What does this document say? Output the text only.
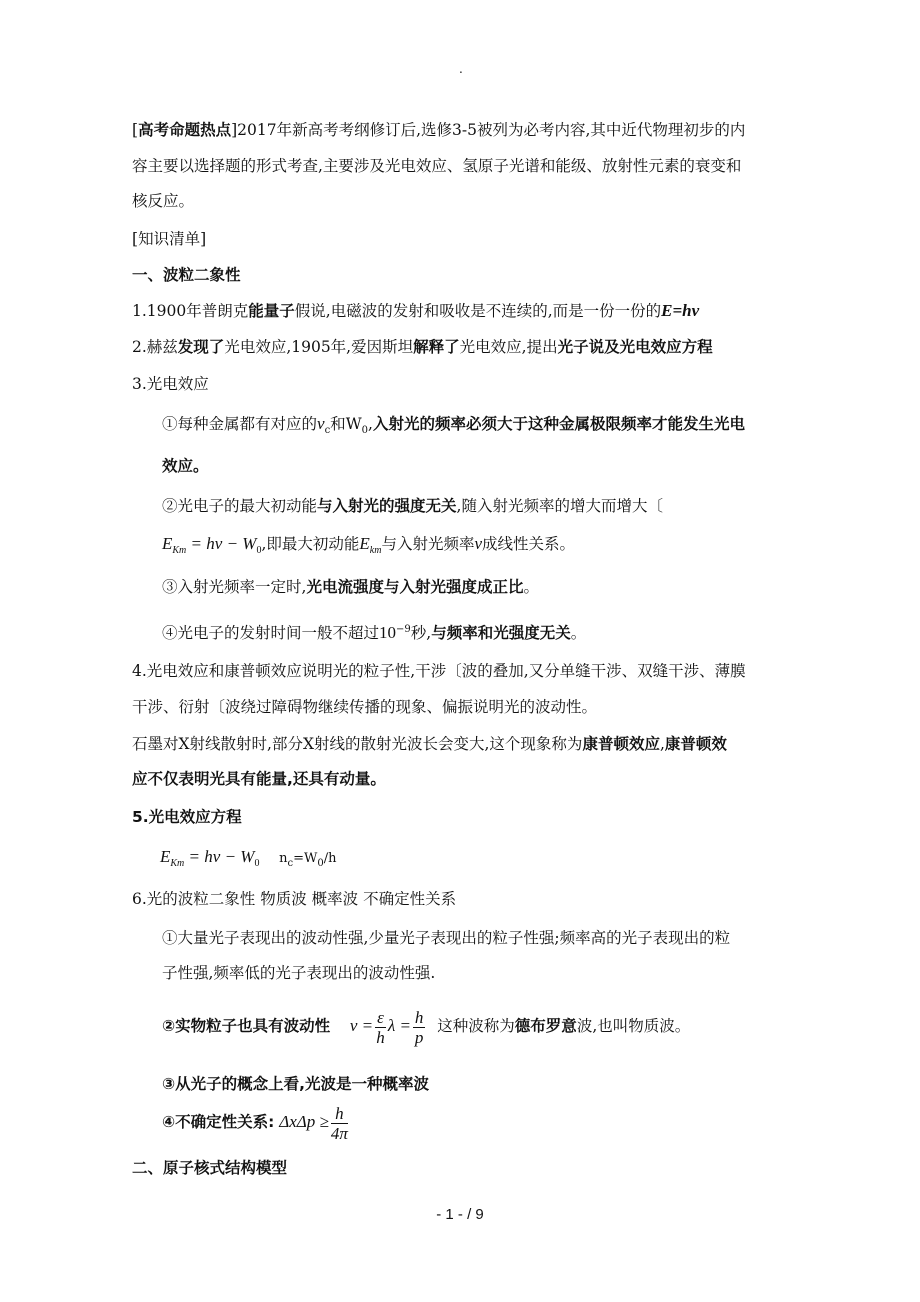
.
[高考命题热点]2017年新高考考纲修订后,选修3-5被列为必考内容,其中近代物理初步的内
容主要以选择题的形式考查,主要涉及光电效应、氢原子光谱和能级、放射性元素的衰变和
核反应。
[知识清单]
一、波粒二象性
1.1900年普朗克能量子假说,电磁波的发射和吸收是不连续的,而是一份一份的E=hν
2.赫兹发现了光电效应,1905年,爱因斯坦解释了光电效应,提出光子说及光电效应方程
3.光电效应
①每种金属都有对应的$\nu_c$和$W_0$,入射光的频率必须大于这种金属极限频率才能发生光电
效应。
②光电子的最大初动能与入射光的强度无关,随入射光频率的增大而增大〔
$E_{Km} = h\nu - W_0$,即最大初动能$E_{km}$与入射光频率ν成线性关系。
③入射光频率一定时,光电流强度与入射光强度成正比。
④光电子的发射时间一般不超过$10^{-9}$秒,与频率和光强度无关。
4.光电效应和康普顿效应说明光的粒子性,干涉〔波的叠加,又分单缝干涉、双缝干涉、薄膜
干涉、衍射〔波绕过障碍物继续传播的现象、偏振说明光的波动性。
石墨对X射线散射时,部分X射线的散射光波长会变大,这个现象称为康普顿效应,康普顿效
应不仅表明光具有能量,还具有动量。
5.光电效应方程
$E_{Km} = h\nu - W_0$ $n_c=W_0/h$
6.光的波粒二象性 物质波 概率波 不确定性关系
①大量光子表现出的波动性强,少量光子表现出的粒子性强;频率高的光子表现出的粒
子性强,频率低的光子表现出的波动性强.
②实物粒子也具有波动性 $\nu = \frac{\varepsilon}{h}$ $\lambda = \frac{h}{p}$ 这种波称为德布罗意波,也叫物质波。
③从光子的概念上看,光波是一种概率波
④不确定性关系: $\Delta x\Delta p \ge \frac{h}{4\pi}$
二、原子核式结构模型
- 1 - / 9
